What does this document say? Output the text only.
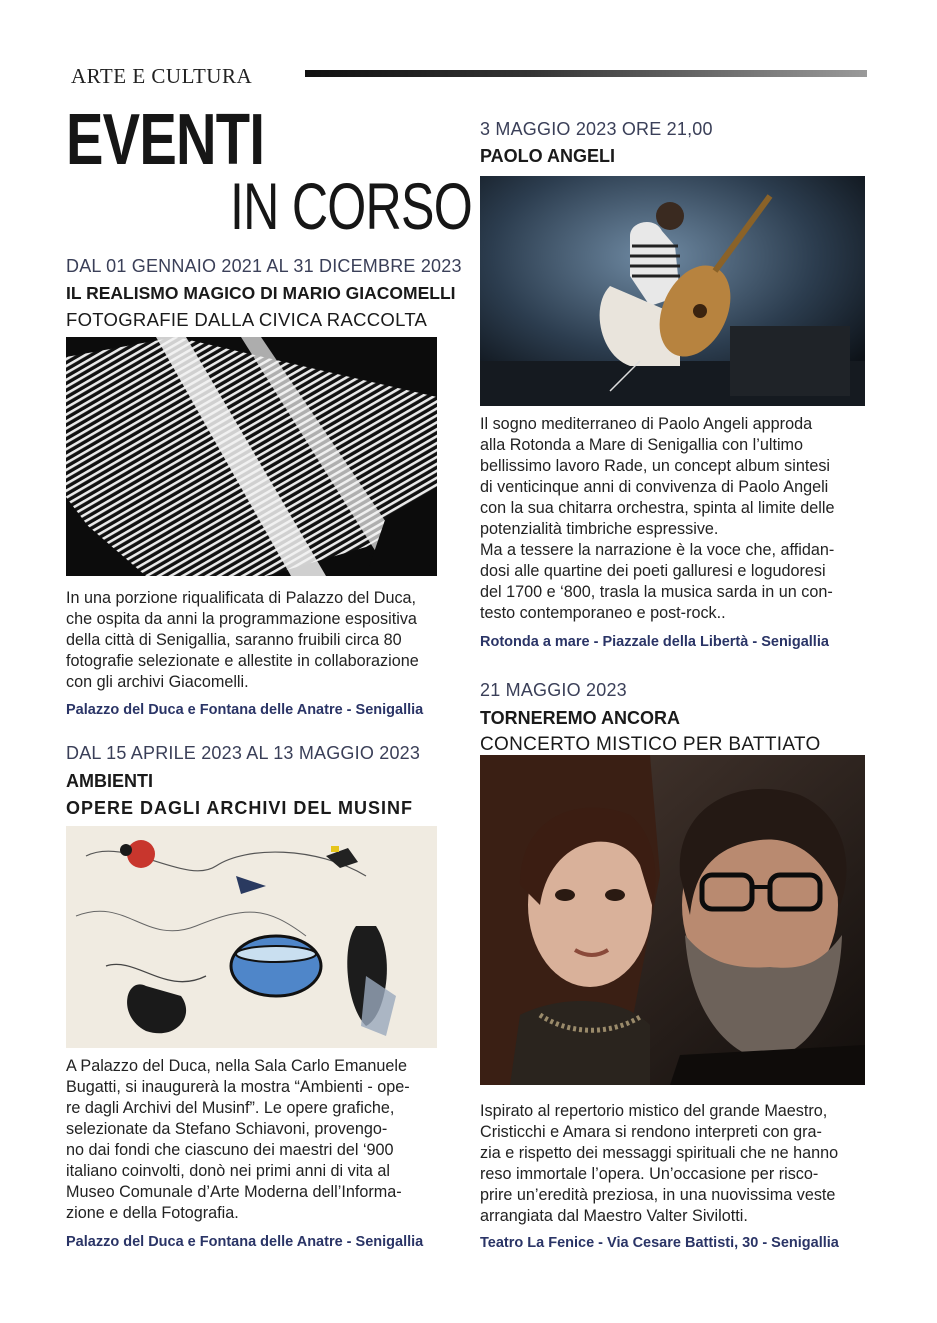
ARTE E CULTURA
EVENTI
IN CORSO
DAL 01 GENNAIO 2021 AL 31 DICEMBRE 2023
IL REALISMO MAGICO DI MARIO GIACOMELLI
FOTOGRAFIE DALLA CIVICA RACCOLTA
In una porzione riqualificata di Palazzo del Duca,
che ospita da anni la programmazione espositiva
della città di Senigallia, saranno fruibili circa 80
fotografie selezionate e allestite in collaborazione
con gli archivi Giacomelli.
Palazzo del Duca e Fontana delle Anatre - Senigallia
DAL 15 APRILE 2023 AL 13 MAGGIO 2023
AMBIENTI
OPERE DAGLI ARCHIVI DEL MUSINF
A Palazzo del Duca, nella Sala Carlo Emanuele
Bugatti, si inaugurerà la mostra “Ambienti - ope-
re dagli Archivi del Musinf”. Le opere grafiche,
selezionate da Stefano Schiavoni, provengo-
no dai fondi che ciascuno dei maestri del ‘900
italiano coinvolti, donò nei primi anni di vita al
Museo Comunale d’Arte Moderna dell’Informa-
zione e della Fotografia.
Palazzo del Duca e Fontana delle Anatre - Senigallia
3 MAGGIO 2023 ORE 21,00
PAOLO ANGELI
Il sogno mediterraneo di Paolo Angeli approda
alla Rotonda a Mare di Senigallia con l’ultimo
bellissimo lavoro Rade, un concept album sintesi
di venticinque anni di convivenza di Paolo Angeli
con la sua chitarra orchestra, spinta al limite delle
potenzialità timbriche espressive.
Ma a tessere la narrazione è la voce che, affidan-
dosi alle quartine dei poeti galluresi e logudoresi
del 1700 e ‘800, trasla la musica sarda in un con-
testo contemporaneo e post-rock..
Rotonda a mare - Piazzale della Libertà - Senigallia
21 MAGGIO 2023
TORNEREMO ANCORA
CONCERTO MISTICO PER BATTIATO
Ispirato al repertorio mistico del grande Maestro,
Cristicchi e Amara si rendono interpreti con gra-
zia e rispetto dei messaggi spirituali che ne hanno
reso immortale l’opera. Un’occasione per risco-
prire un’eredità preziosa, in una nuovissima veste
arrangiata dal Maestro Valter Sivilotti.
Teatro La Fenice - Via Cesare Battisti, 30 - Senigallia
